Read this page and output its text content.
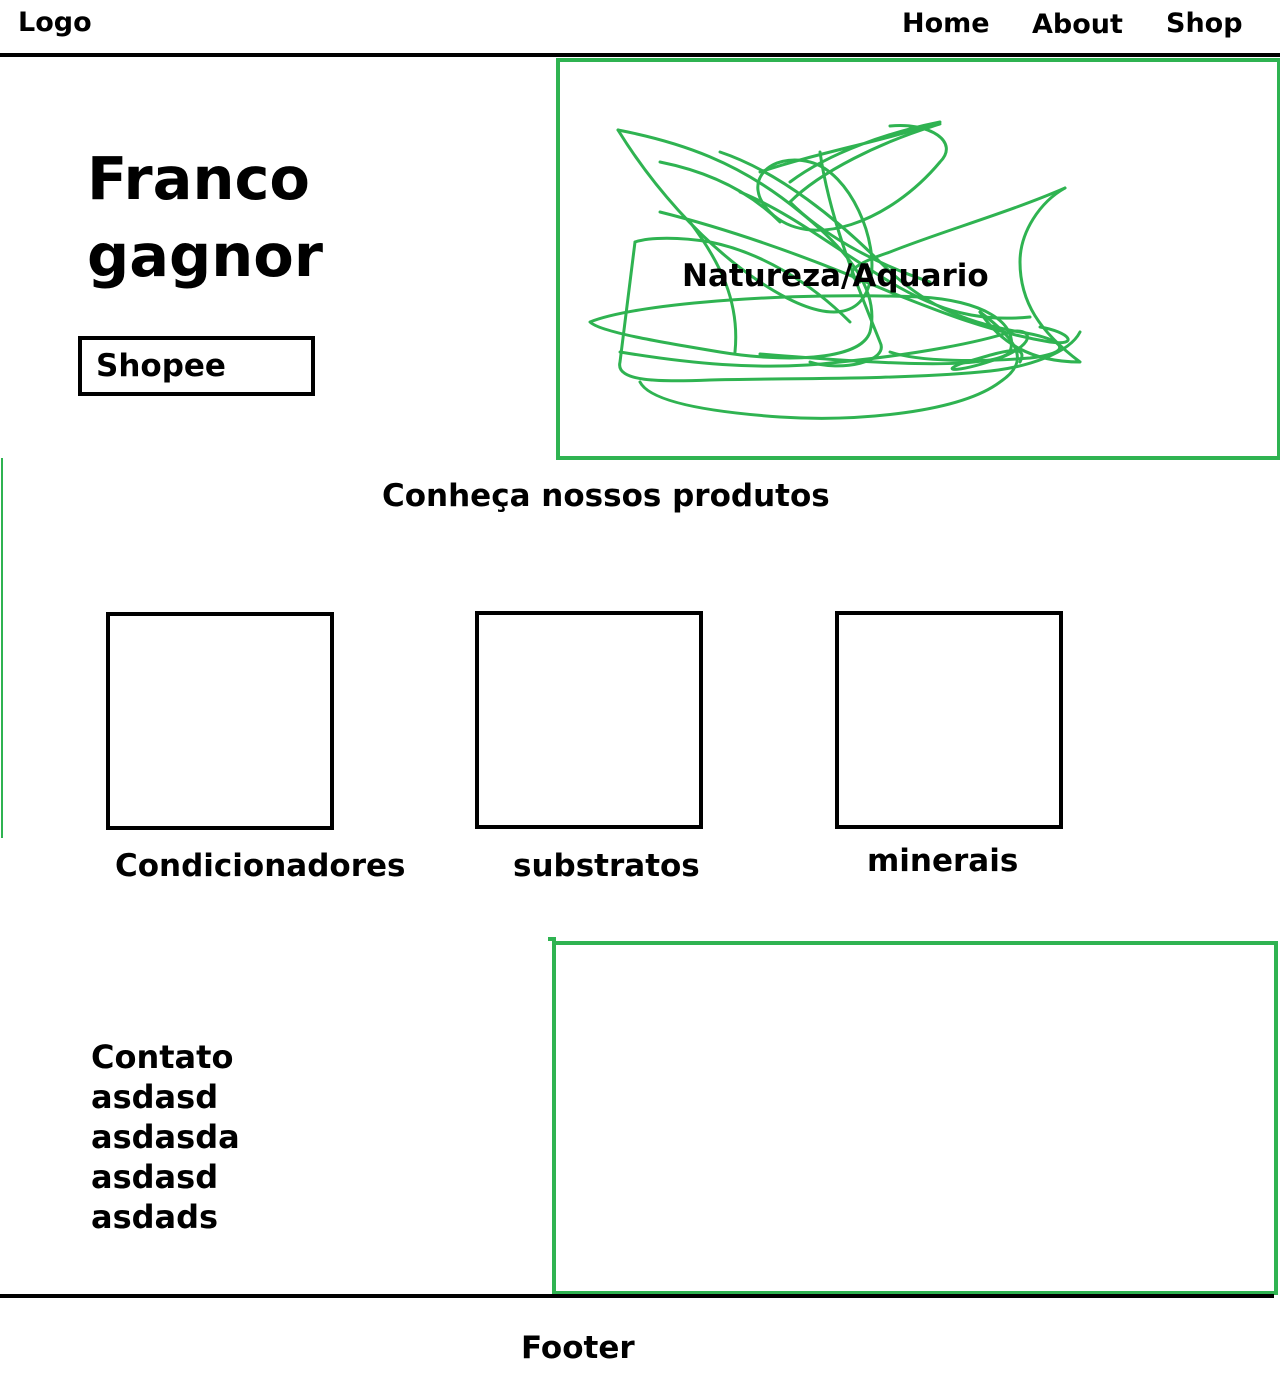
Logo	Home About Shop
Franco
gagnor
Shopee
Natureza/Aquario
Conheça nossos produtos
Condicionadores	substratos	minerais
Contato
asdasd
asdasda
asdasd
asdads
Footer
